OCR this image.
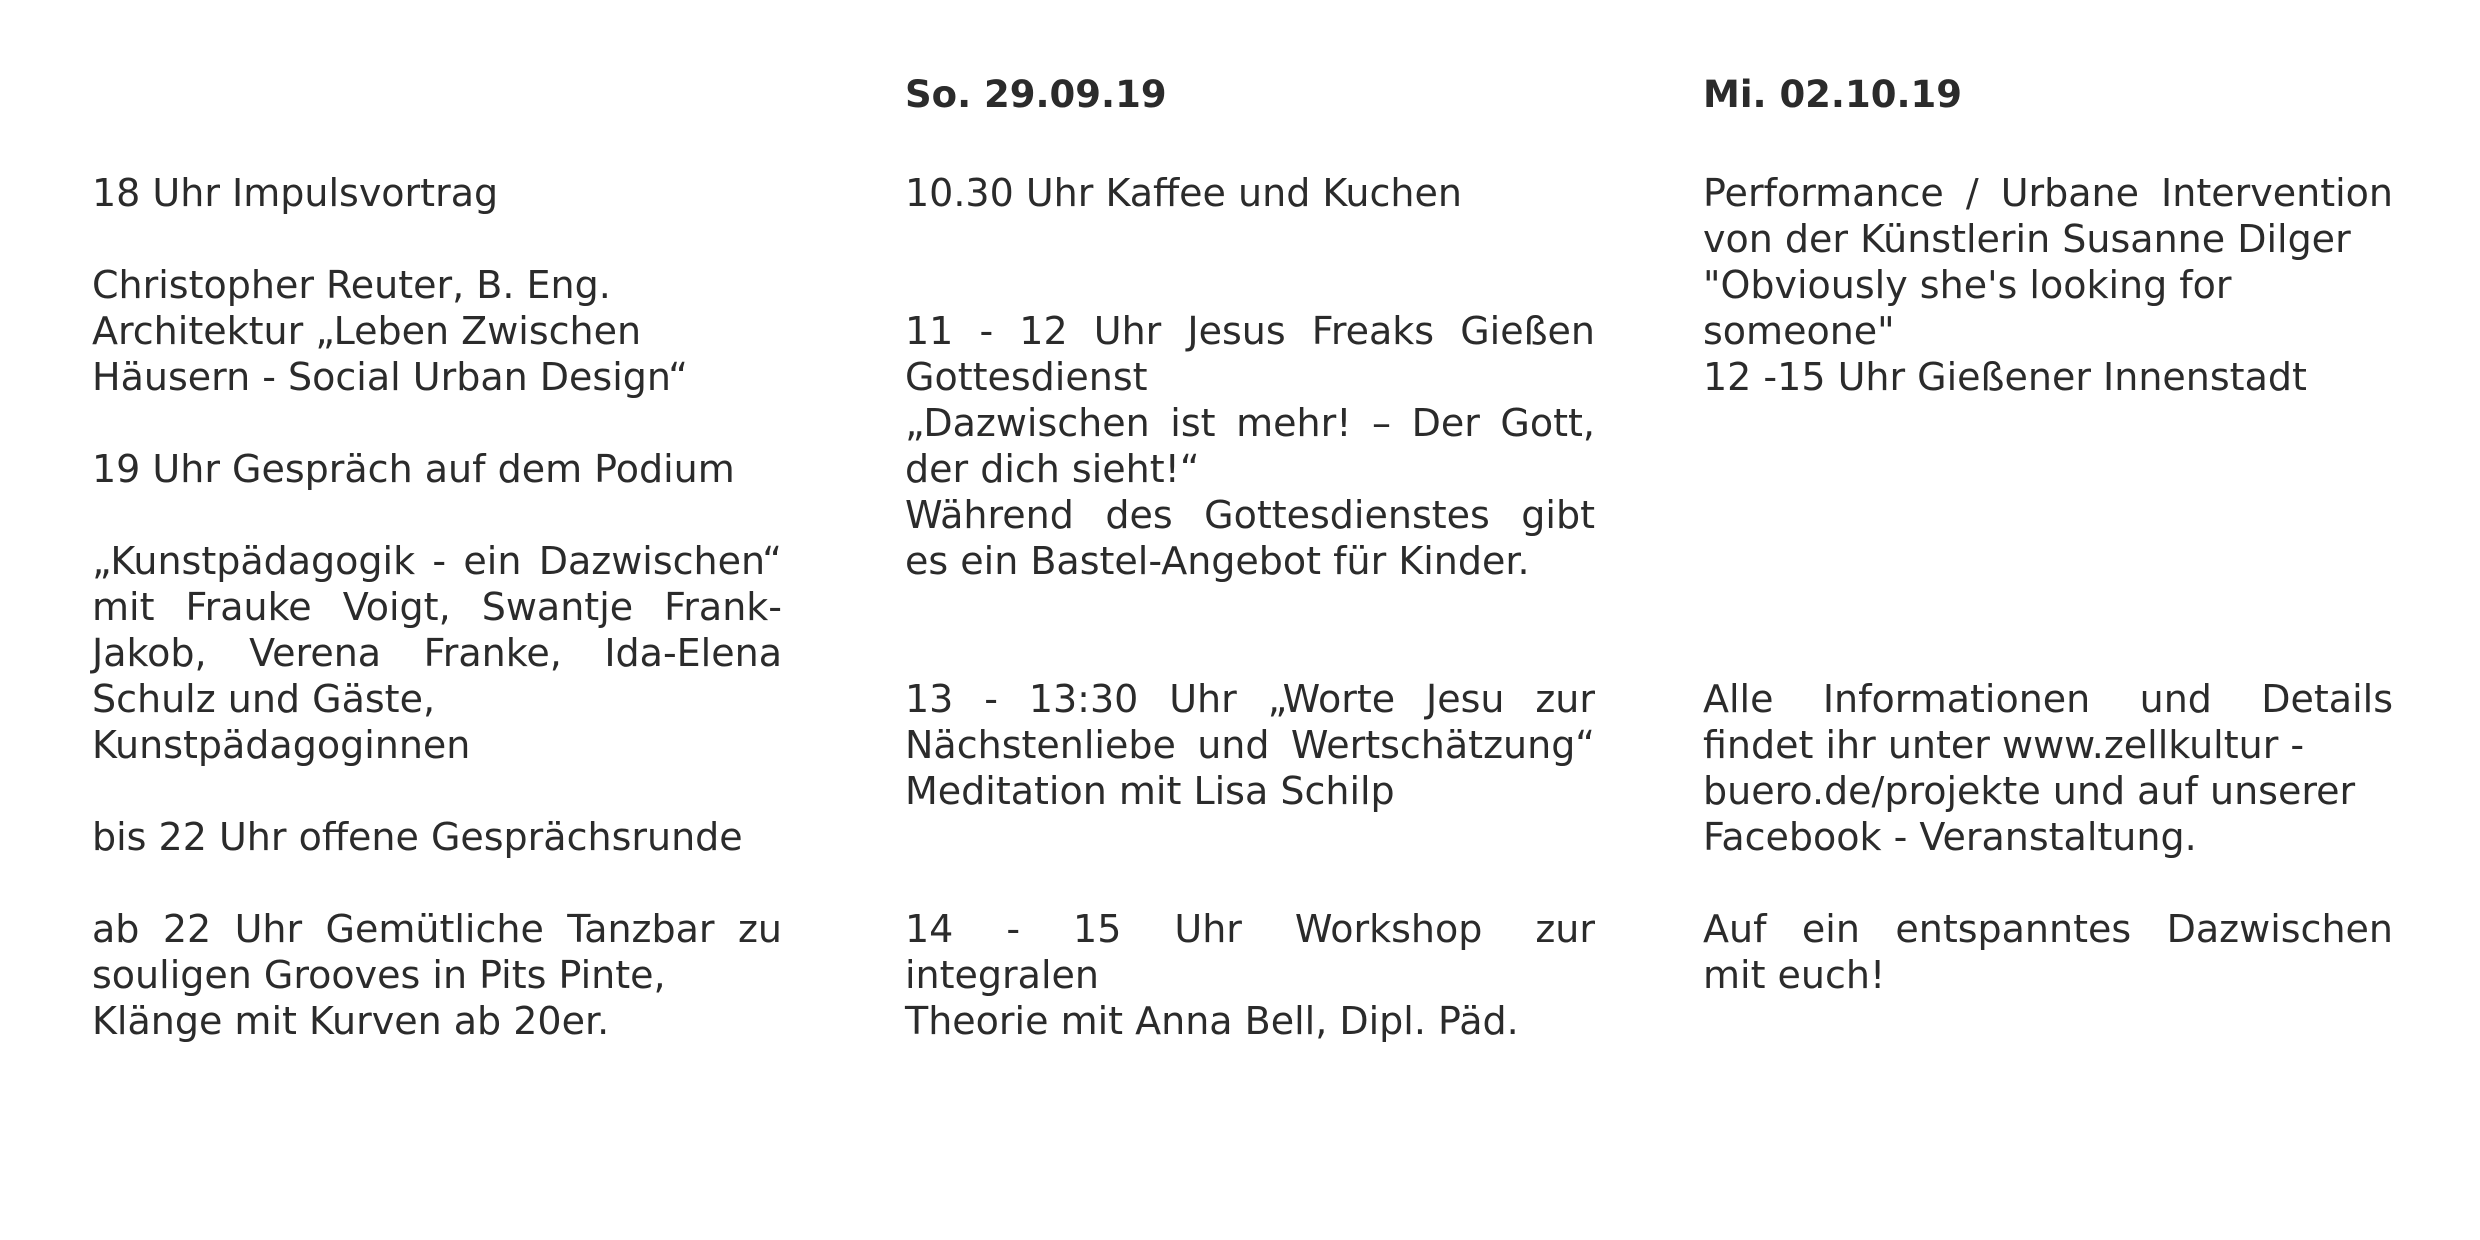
18 Uhr Impulsvortrag
Christopher Reuter, B. Eng.
Architektur „Leben Zwischen
Häusern - Social Urban Design“
19 Uhr Gespräch auf dem Podium
„Kunstpädagogik - ein Dazwischen“
mit Frauke Voigt, Swantje Frank-
Jakob, Verena Franke, Ida-Elena
Schulz und Gäste,
Kunstpädagoginnen
bis 22 Uhr offene Gesprächsrunde
ab 22 Uhr Gemütliche Tanzbar zu
souligen Grooves in Pits Pinte,
Klänge mit Kurven ab 20er.
So. 29.09.19
10.30 Uhr Kaffee und Kuchen
11 - 12 Uhr Jesus Freaks Gießen
Gottesdienst
„Dazwischen ist mehr! – Der Gott,
der dich sieht!“
Während des Gottesdienstes gibt
es ein Bastel-Angebot für Kinder.
13 - 13:30 Uhr „Worte Jesu zur
Nächstenliebe und Wertschätzung“
Meditation mit Lisa Schilp
14 - 15 Uhr Workshop zur integralen
Theorie mit Anna Bell, Dipl. Päd.
Mi. 02.10.19
Performance / Urbane Intervention
von der Künstlerin Susanne Dilger
"Obviously she's looking for
someone"
12 -15 Uhr Gießener Innenstadt
Alle Informationen und Details
findet ihr unter www.zellkultur -
buero.de/projekte und auf unserer
Facebook - Veranstaltung.
Auf ein entspanntes Dazwischen
mit euch!
